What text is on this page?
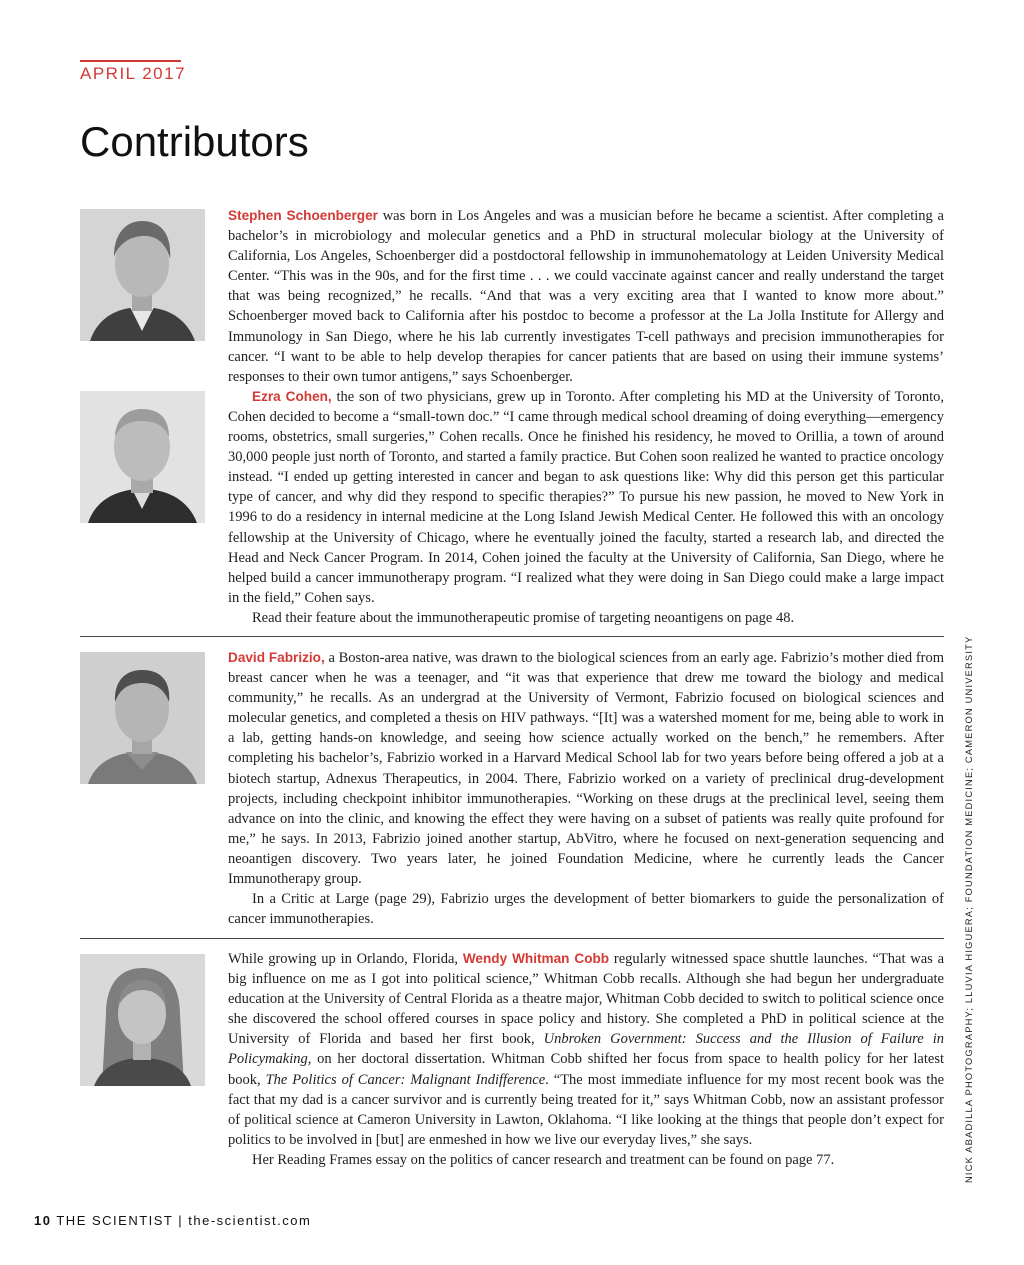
APRIL 2017
Contributors

Stephen Schoenberger was born in Los Angeles and was a musician before he became a scientist. After completing a bachelor’s in microbiology and molecular genetics and a PhD in structural molecular biology at the University of California, Los Angeles, Schoenberger did a postdoctoral fellowship in immunohematology at Leiden University Medical Center. “This was in the 90s, and for the first time . . . we could vaccinate against cancer and really understand the target that was being recognized,” he recalls. “And that was a very exciting area that I wanted to know more about.” Schoenberger moved back to California after his postdoc to become a professor at the La Jolla Institute for Allergy and Immunology in San Diego, where he his lab currently investigates T-cell pathways and precision immunotherapies for cancer. “I want to be able to help develop therapies for cancer patients that are based on using their immune systems’ responses to their own tumor antigens,” says Schoenberger.

Ezra Cohen, the son of two physicians, grew up in Toronto. After completing his MD at the University of Toronto, Cohen decided to become a “small-town doc.” “I came through medical school dreaming of doing everything—emergency rooms, obstetrics, small surgeries,” Cohen recalls. Once he finished his residency, he moved to Orillia, a town of around 30,000 people just north of Toronto, and started a family practice. But Cohen soon realized he wanted to practice oncology instead. “I ended up getting interested in cancer and began to ask questions like: Why did this person get this particular type of cancer, and why did they respond to specific therapies?” To pursue his new passion, he moved to New York in 1996 to do a residency in internal medicine at the Long Island Jewish Medical Center. He followed this with an oncology fellowship at the University of Chicago, where he eventually joined the faculty, started a research lab, and directed the Head and Neck Cancer Program. In 2014, Cohen joined the faculty at the University of California, San Diego, where he helped build a cancer immunotherapy program. “I realized what they were doing in San Diego could make a large impact in the field,” Cohen says.

Read their feature about the immunotherapeutic promise of targeting neoantigens on page 48.

David Fabrizio, a Boston-area native, was drawn to the biological sciences from an early age. Fabrizio’s mother died from breast cancer when he was a teenager, and “it was that experience that drew me toward the biology and medical community,” he recalls. As an undergrad at the University of Vermont, Fabrizio focused on biological sciences and molecular genetics, and completed a thesis on HIV pathways. “[It] was a watershed moment for me, being able to work in a lab, getting hands-on knowledge, and seeing how science actually worked on the bench,” he remembers. After completing his bachelor’s, Fabrizio worked in a Harvard Medical School lab for two years before being offered a job at a biotech startup, Adnexus Therapeutics, in 2004. There, Fabrizio worked on a variety of preclinical drug-development projects, including checkpoint inhibitor immunotherapies. “Working on these drugs at the preclinical level, seeing them advance on into the clinic, and knowing the effect they were having on a subset of patients was really quite profound for me,” he says. In 2013, Fabrizio joined another startup, AbVitro, where he focused on next-generation sequencing and neoantigen discovery. Two years later, he joined Foundation Medicine, where he currently leads the Cancer Immunotherapy group.

In a Critic at Large (page 29), Fabrizio urges the development of better biomarkers to guide the personalization of cancer immunotherapies.

While growing up in Orlando, Florida, Wendy Whitman Cobb regularly witnessed space shuttle launches. “That was a big influence on me as I got into political science,” Whitman Cobb recalls. Although she had begun her undergraduate education at the University of Central Florida as a theatre major, Whitman Cobb decided to switch to political science once she discovered the school offered courses in space policy and history. She completed a PhD in political science at the University of Florida and based her first book, Unbroken Government: Success and the Illusion of Failure in Policymaking, on her doctoral dissertation. Whitman Cobb shifted her focus from space to health policy for her latest book, The Politics of Cancer: Malignant Indifference. “The most immediate influence for my most recent book was the fact that my dad is a cancer survivor and is currently being treated for it,” says Whitman Cobb, now an assistant professor of political science at Cameron University in Lawton, Oklahoma. “I like looking at the things that people don’t expect for politics to be involved in [but] are enmeshed in how we live our everyday lives,” she says.

Her Reading Frames essay on the politics of cancer research and treatment can be found on page 77.	NICK ABADILLA PHOTOGRAPHY; LLUVIA HIGUERA; FOUNDATION MEDICINE; CAMERON UNIVERSITY
10 THE SCIENTIST | the-scientist.com
